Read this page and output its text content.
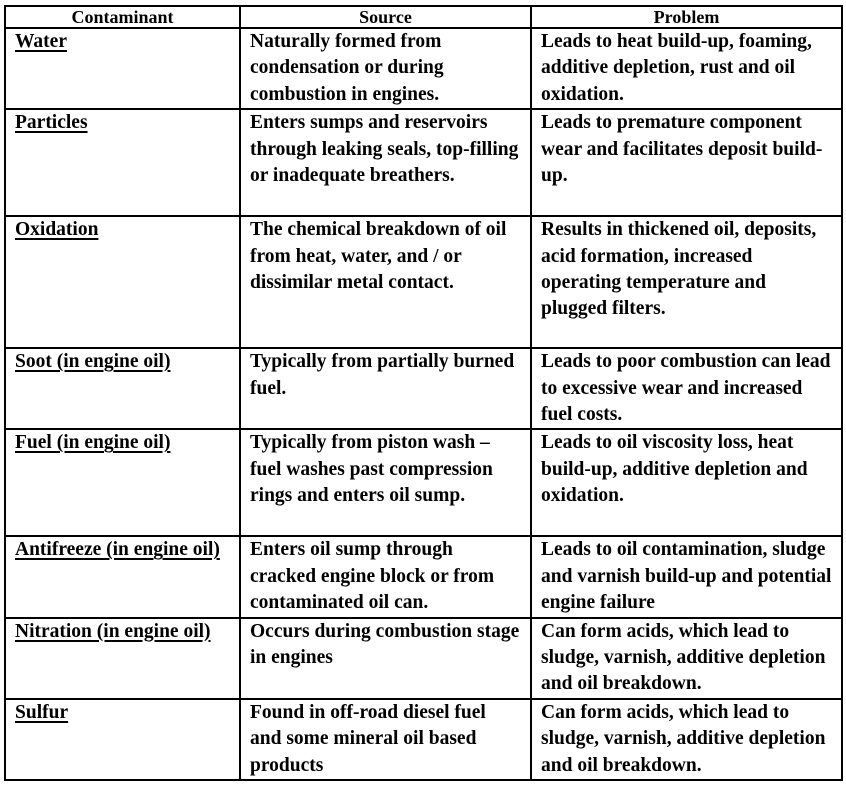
Contaminant	Source	Problem
Water	Naturally formed from condensation or during combustion in engines.	Leads to heat build-up, foaming, additive depletion, rust and oil oxidation.
Particles	Enters sumps and reservoirs through leaking seals, top-filling or inadequate breathers.	Leads to premature component wear and facilitates deposit build-up.
Oxidation	The chemical breakdown of oil from heat, water, and / or dissimilar metal contact.	Results in thickened oil, deposits, acid formation, increased operating temperature and plugged filters.
Soot (in engine oil)	Typically from partially burned fuel.	Leads to poor combustion can lead to excessive wear and increased fuel costs.
Fuel (in engine oil)	Typically from piston wash – fuel washes past compression rings and enters oil sump.	Leads to oil viscosity loss, heat build-up, additive depletion and oxidation.
Antifreeze (in engine oil)	Enters oil sump through cracked engine block or from contaminated oil can.	Leads to oil contamination, sludge and varnish build-up and potential engine failure
Nitration (in engine oil)	Occurs during combustion stage in engines	Can form acids, which lead to sludge, varnish, additive depletion and oil breakdown.
Sulfur	Found in off-road diesel fuel and some mineral oil based products	Can form acids, which lead to sludge, varnish, additive depletion and oil breakdown.
